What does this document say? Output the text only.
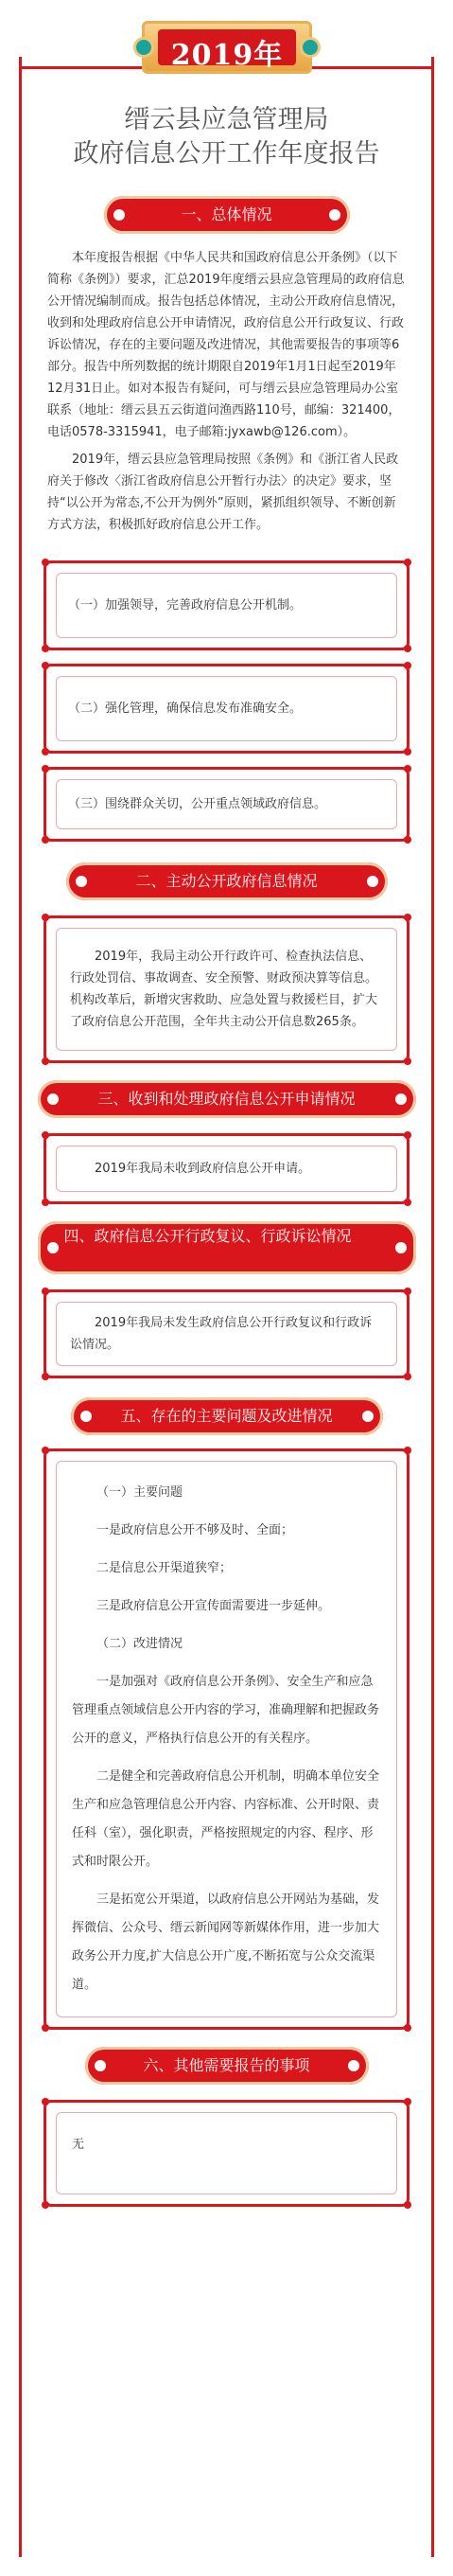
2019年
缙云县应急管理局
政府信息公开工作年度报告
一、总体情况

本年度报告根据《中华人民共和国政府信息公开条例》（以下简称《条例》）要求，汇总2019年度缙云县应急管理局的政府信息公开情况编制而成。报告包括总体情况，主动公开政府信息情况，收到和处理政府信息公开申请情况，政府信息公开行政复议、行政诉讼情况，存在的主要问题及改进情况，其他需要报告的事项等6部分。报告中所列数据的统计期限自2019年1月1日起至2019年12月31日止。如对本报告有疑问，可与缙云县应急管理局办公室联系（地址：缙云县五云街道问渔西路110号，邮编：321400，电话0578-3315941，电子邮箱:jyxawb@126.com）。

2019年，缙云县应急管理局按照《条例》和《浙江省人民政府关于修改〈浙江省政府信息公开暂行办法〉的决定》要求，坚持“以公开为常态,不公开为例外”原则，紧抓组织领导、不断创新方式方法，积极抓好政府信息公开工作。

（一）加强领导，完善政府信息公开机制。
（二）强化管理，确保信息发布准确安全。
（三）围绕群众关切，公开重点领域政府信息。
二、主动公开政府信息情况
2019年，我局主动公开行政许可、检查执法信息、行政处罚信、事故调查、安全预警、财政预决算等信息。机构改革后，新增灾害救助、应急处置与救援栏目，扩大了政府信息公开范围，全年共主动公开信息数265条。
三、收到和处理政府信息公开申请情况
2019年我局未收到政府信息公开申请。
四、政府信息公开行政复议、行政诉讼情况
2019年我局未发生政府信息公开行政复议和行政诉讼情况。
五、存在的主要问题及改进情况

（一）主要问题

一是政府信息公开不够及时、全面；

二是信息公开渠道狭窄；

三是政府信息公开宣传面需要进一步延伸。

（二）改进情况

一是加强对《政府信息公开条例》、安全生产和应急管理重点领域信息公开内容的学习，准确理解和把握政务公开的意义，严格执行信息公开的有关程序。

二是健全和完善政府信息公开机制，明确本单位安全生产和应急管理信息公开内容、内容标准、公开时限、责任科（室），强化职责，严格按照规定的内容、程序、形式和时限公开。

三是拓宽公开渠道，以政府信息公开网站为基础，发挥微信、公众号、缙云新闻网等新媒体作用，进一步加大政务公开力度,扩大信息公开广度,不断拓宽与公众交流渠道。

六、其他需要报告的事项
无
